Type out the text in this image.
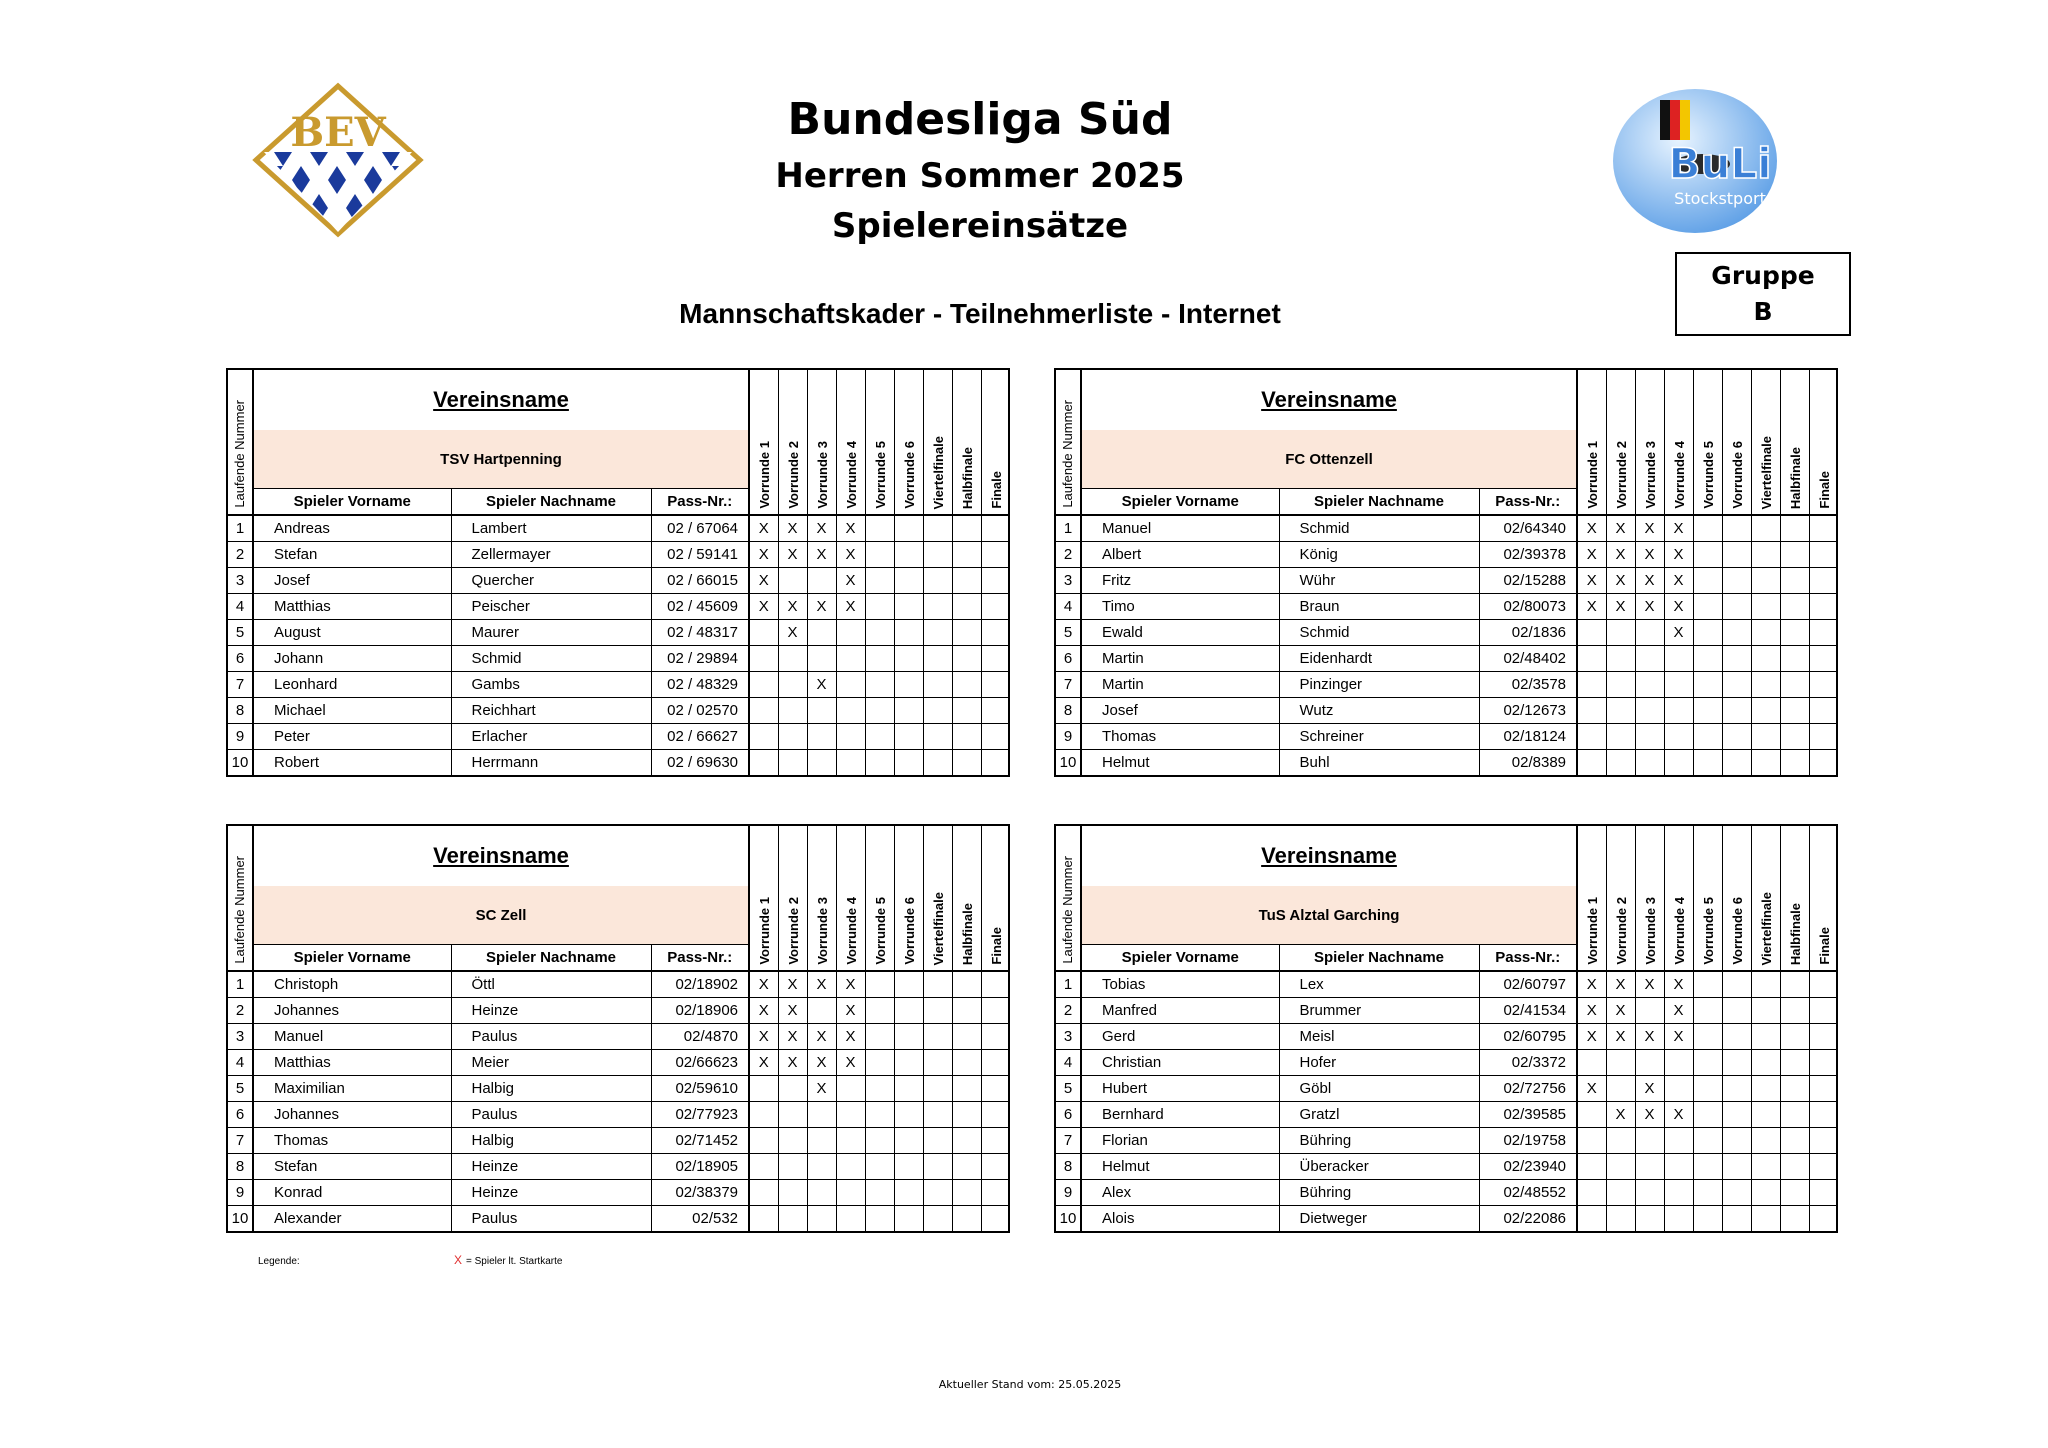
BEV
BuLi
Stockstport
Bundesliga Süd
Herren Sommer 2025
Spielereinsätze
Mannschaftskader - Teilnehmerliste - Internet
Gruppe
B
Laufende Nummer	Vereinsname			Vorrunde 1	Vorrunde 2	Vorrunde 3	Vorrunde 4	Vorrunde 5	Vorrunde 6	Viertelfinale	Halbfinale	Finale

	TSV Hartpenning											
	Spieler Vorname	Spieler Nachname	Pass-Nr.:									
1	Andreas	Lambert	02 / 67064	X	X	X	X					
2	Stefan	Zellermayer	02 / 59141	X	X	X	X					
3	Josef	Quercher	02 / 66015	X			X					
4	Matthias	Peischer	02 / 45609	X	X	X	X					
5	August	Maurer	02 / 48317		X							
6	Johann	Schmid	02 / 29894									
7	Leonhard	Gambs	02 / 48329			X						
8	Michael	Reichhart	02 / 02570									
9	Peter	Erlacher	02 / 66627									
10	Robert	Herrmann	02 / 69630									
Laufende Nummer	Vereinsname			Vorrunde 1	Vorrunde 2	Vorrunde 3	Vorrunde 4	Vorrunde 5	Vorrunde 6	Viertelfinale	Halbfinale	Finale

	FC Ottenzell											
	Spieler Vorname	Spieler Nachname	Pass-Nr.:									
1	Manuel	Schmid	02/64340	X	X	X	X					
2	Albert	König	02/39378	X	X	X	X					
3	Fritz	Wühr	02/15288	X	X	X	X					
4	Timo	Braun	02/80073	X	X	X	X					
5	Ewald	Schmid	02/1836				X					
6	Martin	Eidenhardt	02/48402									
7	Martin	Pinzinger	02/3578									
8	Josef	Wutz	02/12673									
9	Thomas	Schreiner	02/18124									
10	Helmut	Buhl	02/8389									
Laufende Nummer	Vereinsname			Vorrunde 1	Vorrunde 2	Vorrunde 3	Vorrunde 4	Vorrunde 5	Vorrunde 6	Viertelfinale	Halbfinale	Finale

	SC Zell											
	Spieler Vorname	Spieler Nachname	Pass-Nr.:									
1	Christoph	Öttl	02/18902	X	X	X	X					
2	Johannes	Heinze	02/18906	X	X		X					
3	Manuel	Paulus	02/4870	X	X	X	X					
4	Matthias	Meier	02/66623	X	X	X	X					
5	Maximilian	Halbig	02/59610			X						
6	Johannes	Paulus	02/77923									
7	Thomas	Halbig	02/71452									
8	Stefan	Heinze	02/18905									
9	Konrad	Heinze	02/38379									
10	Alexander	Paulus	02/532									
Laufende Nummer	Vereinsname			Vorrunde 1	Vorrunde 2	Vorrunde 3	Vorrunde 4	Vorrunde 5	Vorrunde 6	Viertelfinale	Halbfinale	Finale

	TuS Alztal Garching											
	Spieler Vorname	Spieler Nachname	Pass-Nr.:									
1	Tobias	Lex	02/60797	X	X	X	X					
2	Manfred	Brummer	02/41534	X	X		X					
3	Gerd	Meisl	02/60795	X	X	X	X					
4	Christian	Hofer	02/3372									
5	Hubert	Göbl	02/72756	X		X						
6	Bernhard	Gratzl	02/39585		X	X	X					
7	Florian	Bühring	02/19758									
8	Helmut	Überacker	02/23940									
9	Alex	Bühring	02/48552									
10	Alois	Dietweger	02/22086									
Legende:	X = Spieler lt. Startkarte
Aktueller Stand vom: 25.05.2025
